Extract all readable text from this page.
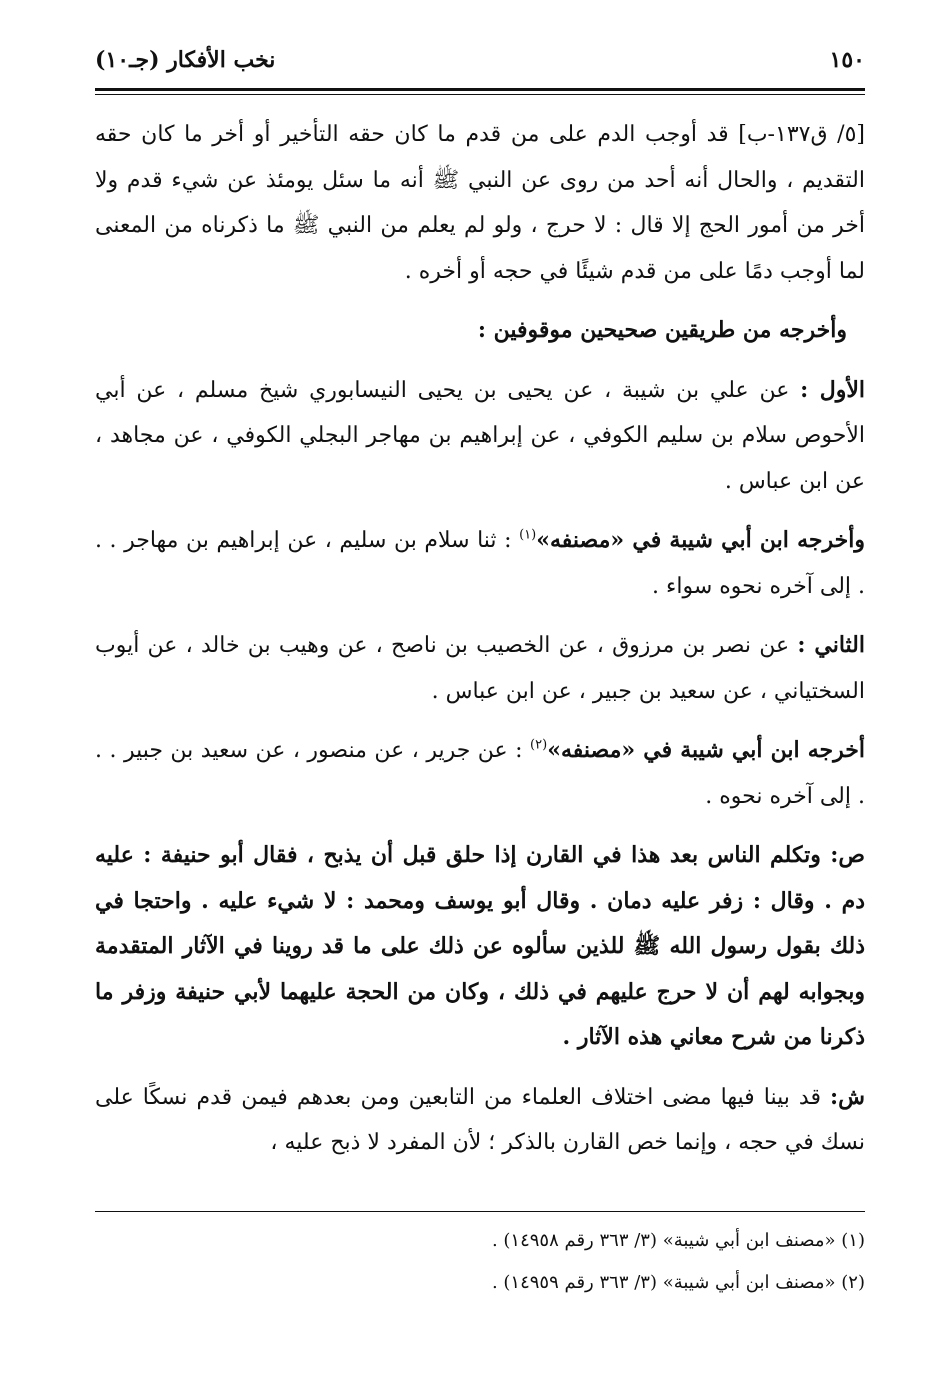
١٥٠
نخب الأفكار (جـ١٠)

[٥/ ق١٣٧-ب] قد أوجب الدم على من قدم ما كان حقه التأخير أو أخر ما كان حقه التقديم ، والحال أنه أحد من روى عن النبي ﷺ أنه ما سئل يومئذ عن شيء قدم ولا أخر من أمور الحج إلا قال : لا حرج ، ولو لم يعلم من النبي ﷺ ما ذكرناه من المعنى لما أوجب دمًا على من قدم شيئًا في حجه أو أخره .

وأخرجه من طريقين صحيحين موقوفين :

الأول : عن علي بن شيبة ، عن يحيى بن يحيى النيسابوري شيخ مسلم ، عن أبي الأحوص سلام بن سليم الكوفي ، عن إبراهيم بن مهاجر البجلي الكوفي ، عن مجاهد ، عن ابن عباس .

وأخرجه ابن أبي شيبة في «مصنفه»$^{(١)}$ : ثنا سلام بن سليم ، عن إبراهيم بن مهاجر . . . إلى آخره نحوه سواء .

الثاني : عن نصر بن مرزوق ، عن الخصيب بن ناصح ، عن وهيب بن خالد ، عن أيوب السختياني ، عن سعيد بن جبير ، عن ابن عباس .

أخرجه ابن أبي شيبة في «مصنفه»$^{(٢)}$ : عن جرير ، عن منصور ، عن سعيد بن جبير . . . إلى آخره نحوه .

ص: وتكلم الناس بعد هذا في القارن إذا حلق قبل أن يذبح ، فقال أبو حنيفة : عليه دم . وقال : زفر عليه دمان . وقال أبو يوسف ومحمد : لا شيء عليه . واحتجا في ذلك بقول رسول الله ﷺ للذين سألوه عن ذلك على ما قد روينا في الآثار المتقدمة وبجوابه لهم أن لا حرج عليهم في ذلك ، وكان من الحجة عليهما لأبي حنيفة وزفر ما ذكرنا من شرح معاني هذه الآثار .

ش: قد بينا فيها مضى اختلاف العلماء من التابعين ومن بعدهم فيمن قدم نسكًا على نسك في حجه ، وإنما خص القارن بالذكر ؛ لأن المفرد لا ذبح عليه ،

(١) «مصنف ابن أبي شيبة» (٣/ ٣٦٣ رقم ١٤٩٥٨) .
(٢) «مصنف ابن أبي شيبة» (٣/ ٣٦٣ رقم ١٤٩٥٩) .
